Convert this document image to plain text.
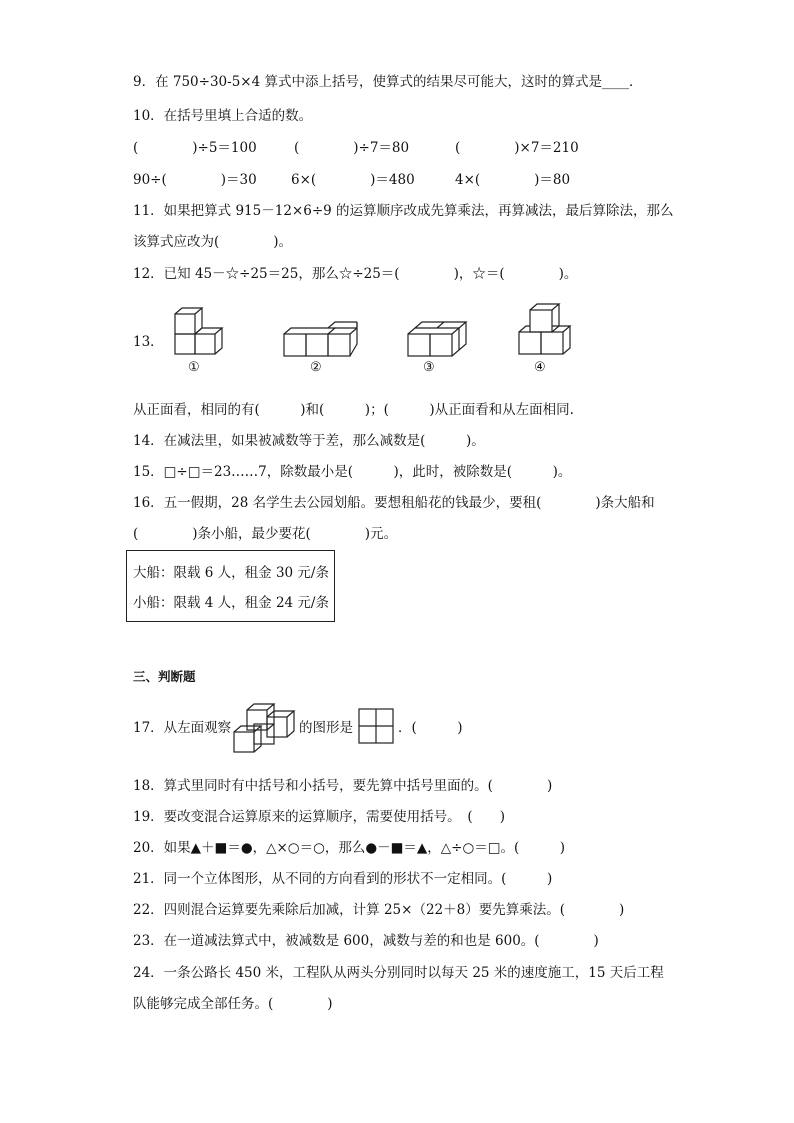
9．在 750÷30-5×4 算式中添上括号，使算式的结果尽可能大，这时的算式是____．
10．在括号里填上合适的数。
(　　　　)÷5＝100	(　　　　)÷7＝80	(　　　　)×7＝210
90÷(　　　　)＝30	6×(　　　　)＝480	4×(　　　　)＝80
11．如果把算式 915－12×6÷9 的运算顺序改成先算乘法，再算减法，最后算除法，那么
该算式应改为(　　　　)。
12．已知 45－☆÷25＝25，那么☆÷25＝(　　　　)，☆＝(　　　　)。
13．
①	②	③	④
从正面看，相同的有(　　　)和(　　　)；(　　　)从正面看和从左面相同.
14．在减法里，如果被减数等于差，那么减数是(　　　)。
15．□÷□＝23……7，除数最小是(　　　)，此时，被除数是(　　　)。
16．五一假期，28 名学生去公园划船。要想租船花的钱最少，要租(　　　　)条大船和
(　　　　)条小船，最少要花(　　　　)元。
大船：限载 6 人，租金 30 元/条
小船：限载 4 人，租金 24 元/条
三、判断题
17．从左面观察	的图形是	．(　　　)
18．算式里同时有中括号和小括号，要先算中括号里面的。(　　　　)
19．要改变混合运算原来的运算顺序，需要使用括号。　(　　)
20．如果▲＋■＝●，△×○＝○，那么●－■＝▲，△÷○＝□。(　　　)
21．同一个立体图形，从不同的方向看到的形状不一定相同。(　　　)
22．四则混合运算要先乘除后加减，计算 25×（22＋8）要先算乘法。(　　　　)
23．在一道减法算式中，被减数是 600，减数与差的和也是 600。(　　　　)
24．一条公路长 450 米，工程队从两头分别同时以每天 25 米的速度施工，15 天后工程
队能够完成全部任务。(　　　　)
